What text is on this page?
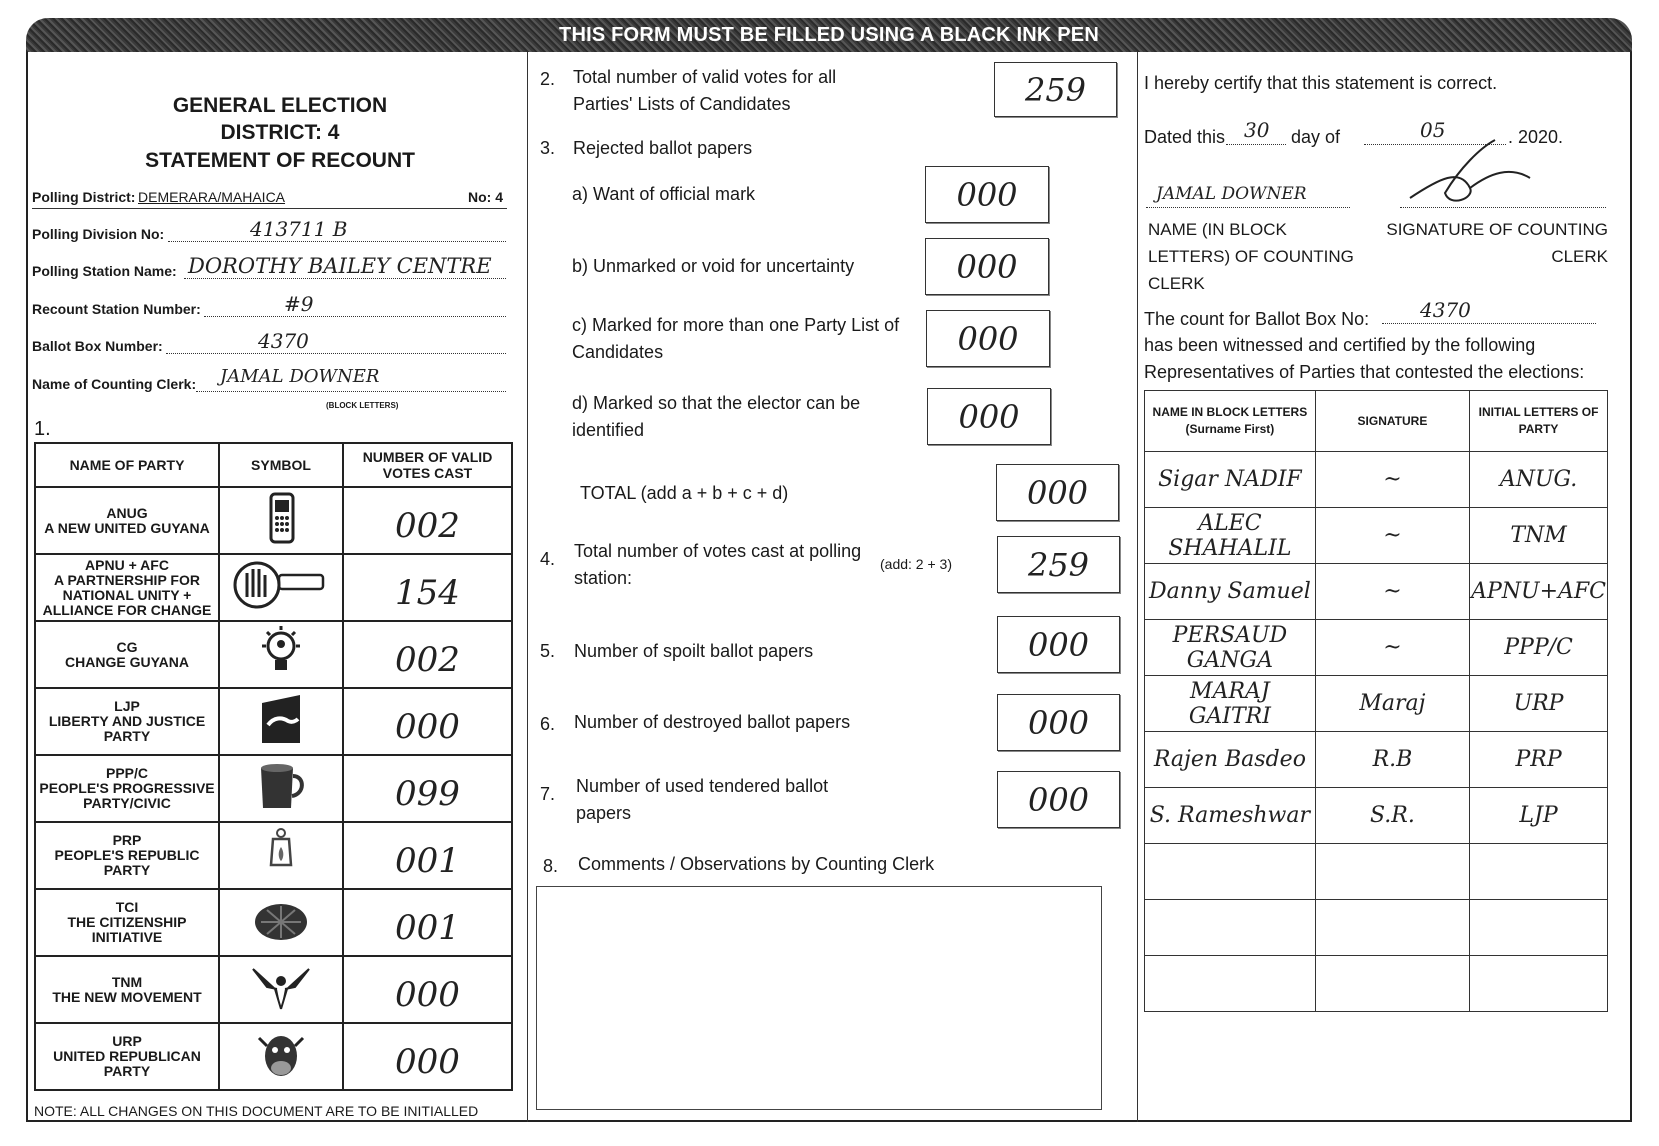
THIS FORM MUST BE FILLED USING A BLACK INK PEN
GENERAL ELECTION
DISTRICT: 4
STATEMENT OF RECOUNT
Polling District: DEMERARA/MAHAICA	No: 4
Polling Division No:	413711 B
Polling Station Name: DOROTHY BAILEY CENTRE
Recount Station Number:	#9
Ballot Box Number:	4370
Name of Counting Clerk: JAMAL DOWNER
(BLOCK LETTERS)
1.
NAME OF PARTY	SYMBOL	NUMBER OF VALID VOTES CAST
ANUG
A NEW UNITED GUYANA		002
APNU + AFC
A PARTNERSHIP FOR NATIONAL UNITY + ALLIANCE FOR CHANGE		154
CG
CHANGE GUYANA		002
LJP
LIBERTY AND JUSTICE PARTY		000
PPP/C
PEOPLE'S PROGRESSIVE PARTY/CIVIC		099
PRP
PEOPLE'S REPUBLIC PARTY		001
TCI
THE CITIZENSHIP INITIATIVE		001
TNM
THE NEW MOVEMENT		000
URP
UNITED REPUBLICAN PARTY		000
NOTE: ALL CHANGES ON THIS DOCUMENT ARE TO BE INITIALLED
2. Total number of valid votes for all Parties' Lists of Candidates	259
3. Rejected ballot papers
a) Want of official mark	000
b) Unmarked or void for uncertainty	000
c) Marked for more than one Party List of Candidates	000
d) Marked so that the elector can be identified	000
TOTAL (add a + b + c + d)	000
4. Total number of votes cast at polling station:
(add: 2 + 3)	259
5. Number of spoilt ballot papers	000
6. Number of destroyed ballot papers	000
7. Number of used tendered ballot papers	000
8. Comments / Observations by Counting Clerk
I hereby certify that this statement is correct.
Dated this 30 day of	05	. 2020.
JAMAL DOWNER
NAME (IN BLOCK LETTERS) OF COUNTING CLERK
SIGNATURE OF COUNTING
CLERK
The count for Ballot Box No:	4370
has been witnessed and certified by the following
Representatives of Parties that contested the elections:
NAME IN BLOCK LETTERS (Surname First)	SIGNATURE	INITIAL LETTERS OF PARTY
Sigar NADIF	~	ANUG.
ALEC SHAHALIL	~	TNM
Danny Samuel	~	APNU+AFC
PERSAUD GANGA	~	PPP/C
MARAJ GAITRI	Maraj	URP
Rajen Basdeo	R.B	PRP
S. Rameshwar	S.R.	LJP
